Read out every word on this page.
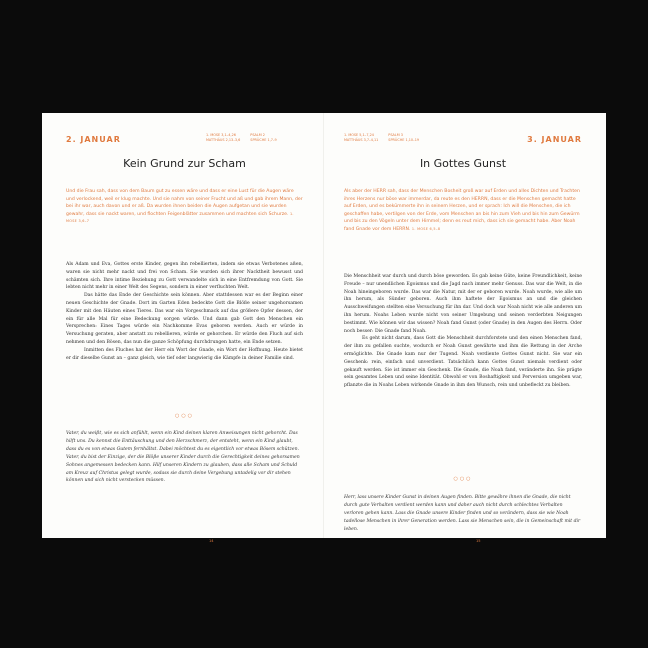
2. JANUAR	1. MOSE 3,1–4,26
MATTHÄUS 2,13–3,6
PSALM 2
SPRÜCHE 1,7–9
Kein Grund zur Scham
Und die Frau sah, dass von dem Baum gut zu essen wäre und dass er eine Lust für die Augen wäre und verlockend, weil er klug machte. Und sie nahm von seiner Frucht und aß und gab ihrem Mann, der bei ihr war, auch davon und er aß. Da wurden ihnen beiden die Augen aufgetan und sie wurden gewahr, dass sie nackt waren, und flochten Feigenblätter zusammen und machten sich Schurze. 1. MOSE 3,6–7

Als Adam und Eva, Gottes erste Kinder, gegen ihn rebellierten, indem sie etwas Verbotenes aßen, waren sie nicht mehr nackt und frei von Scham. Sie wurden sich ihrer Nacktheit bewusst und schämten sich. Ihre intime Beziehung zu Gott verwandelte sich in eine Entfremdung von Gott. Sie lebten nicht mehr in einer Welt des Segens, sondern in einer verfluchten Welt.

Das hätte das Ende der Geschichte sein können. Aber stattdessen war es der Beginn einer neuen Geschichte der Gnade. Dort im Garten Eden bedeckte Gott die Blöße seiner ungehorsamen Kinder mit den Häuten eines Tieres. Das war ein Vorgeschmack auf das größere Opfer dessen, der ein für alle Mal für eine Bedeckung sorgen würde. Und dann gab Gott den Menschen ein Versprechen: Eines Tages würde ein Nachkomme Evas geboren werden. Auch er würde in Versuchung geraten, aber anstatt zu rebellieren, würde er gehorchen. Er würde den Fluch auf sich nehmen und den Bösen, das nun die ganze Schöpfung durchdrungen hatte, ein Ende setzen.

Inmitten des Fluches hat der Herr ein Wort der Gnade, ein Wort der Hoffnung. Heute bietet er dir dieselbe Gunst an – ganz gleich, wie tief oder langwierig die Kämpfe in deiner Familie sind.

○○○
Vater, du weißt, wie es sich anfühlt, wenn ein Kind deinen klaren Anweisungen nicht gehorcht. Das hilft uns. Du kennst die Enttäuschung und den Herzschmerz, der entsteht, wenn ein Kind glaubt, dass du es von etwas Gutem fernhältst. Dabei möchtest du es eigentlich vor etwas Bösem schützen. Vater, du bist der Einzige, der die Blöße unserer Kinder durch die Gerechtigkeit deines gehorsamen Sohnes angemessen bedecken kann. Hilf unseren Kindern zu glauben, dass alle Scham und Schuld am Kreuz auf Christus gelegt wurde, sodass sie durch deine Vergebung untadelig vor dir stehen können und sich nicht verstecken müssen.
14
1. MOSE 5,1–7,24
MATTHÄUS 3,7–4,11
PSALM 3
SPRÜCHE 1,10–19	3. JANUAR
In Gottes Gunst
Als aber der HERR sah, dass der Menschen Bosheit groß war auf Erden und alles Dichten und Trachten ihres Herzens nur böse war immerdar, da reute es den HERRN, dass er die Menschen gemacht hatte auf Erden, und es bekümmerte ihn in seinem Herzen, und er sprach: Ich will die Menschen, die ich geschaffen habe, vertilgen von der Erde, vom Menschen an bis hin zum Vieh und bis hin zum Gewürm und bis zu den Vögeln unter dem Himmel; denn es reut mich, dass ich sie gemacht habe. Aber Noah fand Gnade vor dem HERRN. 1. MOSE 6,5–8

Die Menschheit war durch und durch böse geworden. Es gab keine Güte, keine Freundlichkeit, keine Freude – nur unendlichen Egoismus und die Jagd nach immer mehr Genuss. Das war die Welt, in die Noah hineingeboren wurde. Das war die Natur, mit der er geboren wurde. Noah wurde, wie alle um ihn herum, als Sünder geboren. Auch ihm haftete der Egoismus an und die gleichen Ausschweifungen stellten eine Versuchung für ihn dar. Und doch war Noah nicht wie alle anderen um ihn herum. Noahs Leben wurde nicht von seiner Umgebung und seinen verderbten Neigungen bestimmt. Wie können wir das wissen? Noah fand Gunst (oder Gnade) in den Augen des Herrn. Oder noch besser: Die Gnade fand Noah.

Es geht nicht darum, dass Gott die Menschheit durchforstete und den einen Menschen fand, der ihm zu gefallen suchte, wodurch er Noah Gunst gewährte und ihm die Rettung in der Arche ermöglichte. Die Gnade kam nur der Tugend. Noah verdiente Gottes Gunst nicht. Sie war ein Geschenk: rein, einfach und unverdient. Tatsächlich kann Gottes Gunst niemals verdient oder gekauft werden. Sie ist immer ein Geschenk. Die Gnade, die Noah fand, veränderte ihn. Sie prägte sein gesamtes Leben und seine Identität. Obwohl er von Boshaftigkeit und Perversion umgeben war, pflanzte die in Noahs Leben wirkende Gnade in ihm den Wunsch, rein und unbefleckt zu bleiben.

○○○
Herr, lass unsere Kinder Gunst in deinen Augen finden. Bitte gewähre ihnen die Gnade, die nicht durch gute Verhalten verdient werden kann und daher auch nicht durch schlechtes Verhalten verloren gehen kann. Lass die Gnade unsere Kinder finden und so verändern, dass sie wie Noah tadellose Menschen in ihrer Generation werden. Lass sie Menschen sein, die in Gemeinschaft mit dir leben.
15
